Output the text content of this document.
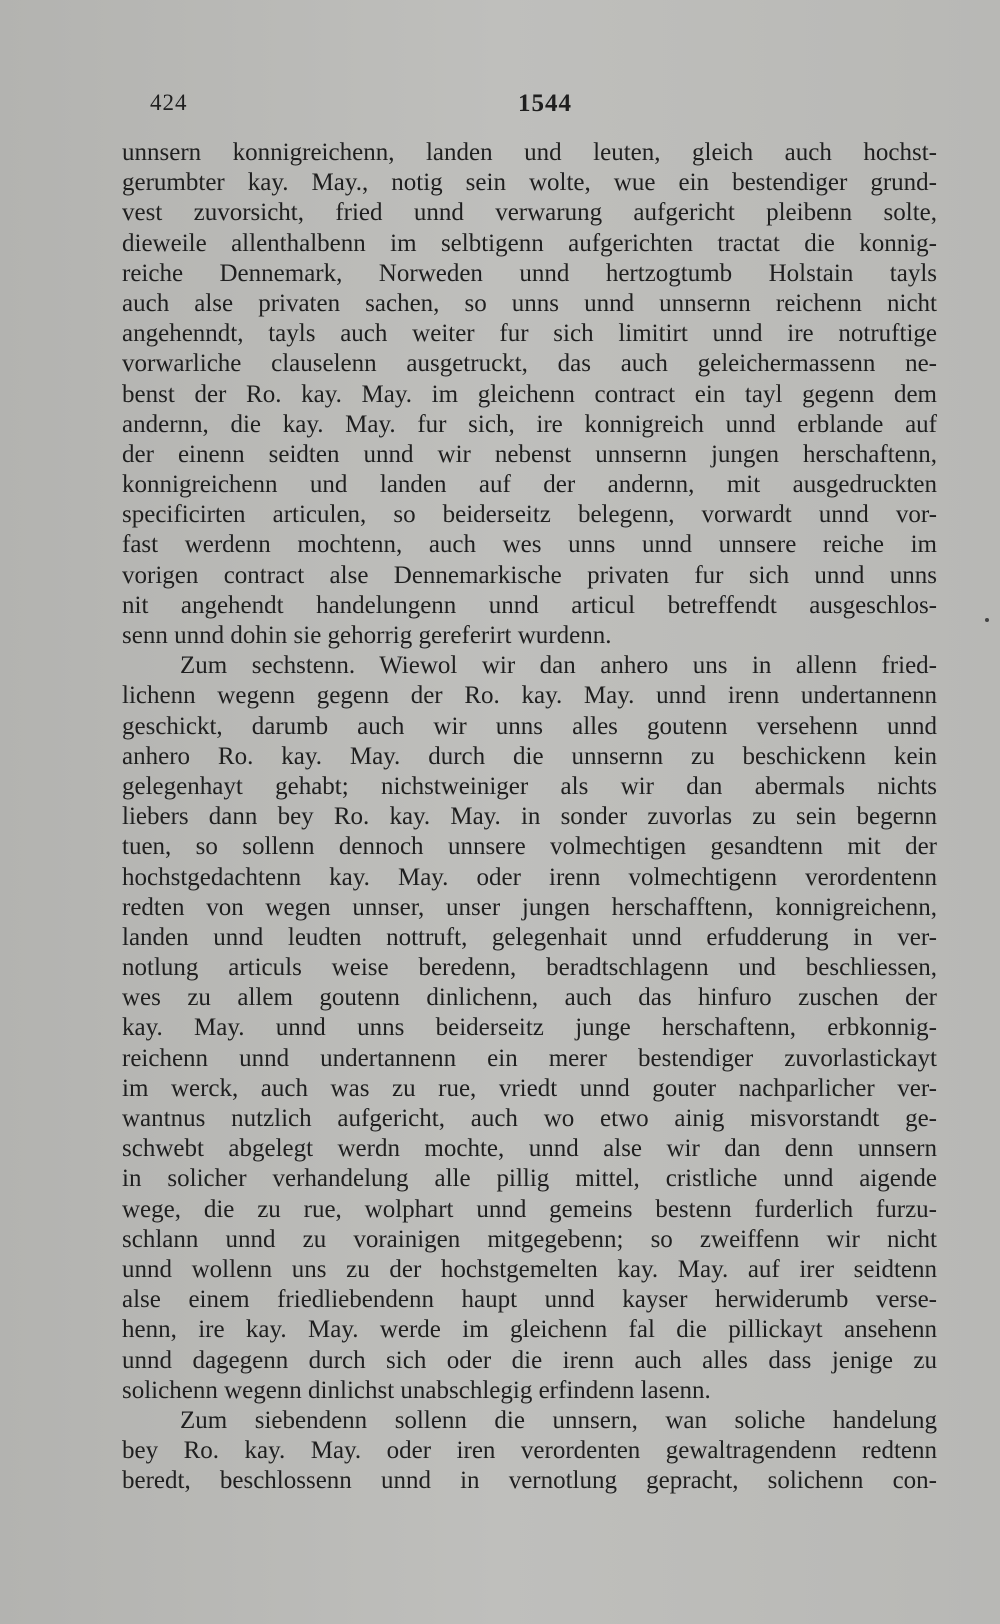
424	1544
unnsern konnigreichenn, landen und leuten, gleich auch hochst-
gerumbter kay. May., notig sein wolte, wue ein bestendiger grund-
vest zuvorsicht, fried unnd verwarung aufgericht pleibenn solte,
dieweile allenthalbenn im selbtigenn aufgerichten tractat die konnig-
reiche Dennemark, Norweden unnd hertzogtumb Holstain tayls
auch alse privaten sachen, so unns unnd unnsernn reichenn nicht
angehenndt, tayls auch weiter fur sich limitirt unnd ire notruftige
vorwarliche clauselenn ausgetruckt, das auch geleichermassenn ne-
benst der Ro. kay. May. im gleichenn contract ein tayl gegenn dem
andernn, die kay. May. fur sich, ire konnigreich unnd erblande auf
der einenn seidten unnd wir nebenst unnsernn jungen herschaftenn,
konnigreichenn und landen auf der andernn, mit ausgedruckten
specificirten articulen, so beiderseitz belegenn, vorwardt unnd vor-
fast werdenn mochtenn, auch wes unns unnd unnsere reiche im
vorigen contract alse Dennemarkische privaten fur sich unnd unns
nit angehendt handelungenn unnd articul betreffendt ausgeschlos-
senn unnd dohin sie gehorrig gereferirt wurdenn.
Zum sechstenn. Wiewol wir dan anhero uns in allenn fried-
lichenn wegenn gegenn der Ro. kay. May. unnd irenn undertannenn
geschickt, darumb auch wir unns alles goutenn versehenn unnd
anhero Ro. kay. May. durch die unnsernn zu beschickenn kein
gelegenhayt gehabt; nichstweiniger als wir dan abermals nichts
liebers dann bey Ro. kay. May. in sonder zuvorlas zu sein begernn
tuen, so sollenn dennoch unnsere volmechtigen gesandtenn mit der
hochstgedachtenn kay. May. oder irenn volmechtigenn verordentenn
redten von wegen unnser, unser jungen herschafftenn, konnigreichenn,
landen unnd leudten nottruft, gelegenhait unnd erfudderung in ver-
notlung articuls weise beredenn, beradtschlagenn und beschliessen,
wes zu allem goutenn dinlichenn, auch das hinfuro zuschen der
kay. May. unnd unns beiderseitz junge herschaftenn, erbkonnig-
reichenn unnd undertannenn ein merer bestendiger zuvorlastickayt
im werck, auch was zu rue, vriedt unnd gouter nachparlicher ver-
wantnus nutzlich aufgericht, auch wo etwo ainig misvorstandt ge-
schwebt abgelegt werdn mochte, unnd alse wir dan denn unnsern
in solicher verhandelung alle pillig mittel, cristliche unnd aigende
wege, die zu rue, wolphart unnd gemeins bestenn furderlich furzu-
schlann unnd zu vorainigen mitgegebenn; so zweiffenn wir nicht
unnd wollenn uns zu der hochstgemelten kay. May. auf irer seidtenn
alse einem friedliebendenn haupt unnd kayser herwiderumb verse-
henn, ire kay. May. werde im gleichenn fal die pillickayt ansehenn
unnd dagegenn durch sich oder die irenn auch alles dass jenige zu
solichenn wegenn dinlichst unabschlegig erfindenn lasenn.
Zum siebendenn sollenn die unnsern, wan soliche handelung
bey Ro. kay. May. oder iren verordenten gewaltragendenn redtenn
beredt, beschlossenn unnd in vernotlung gepracht, solichenn con-
